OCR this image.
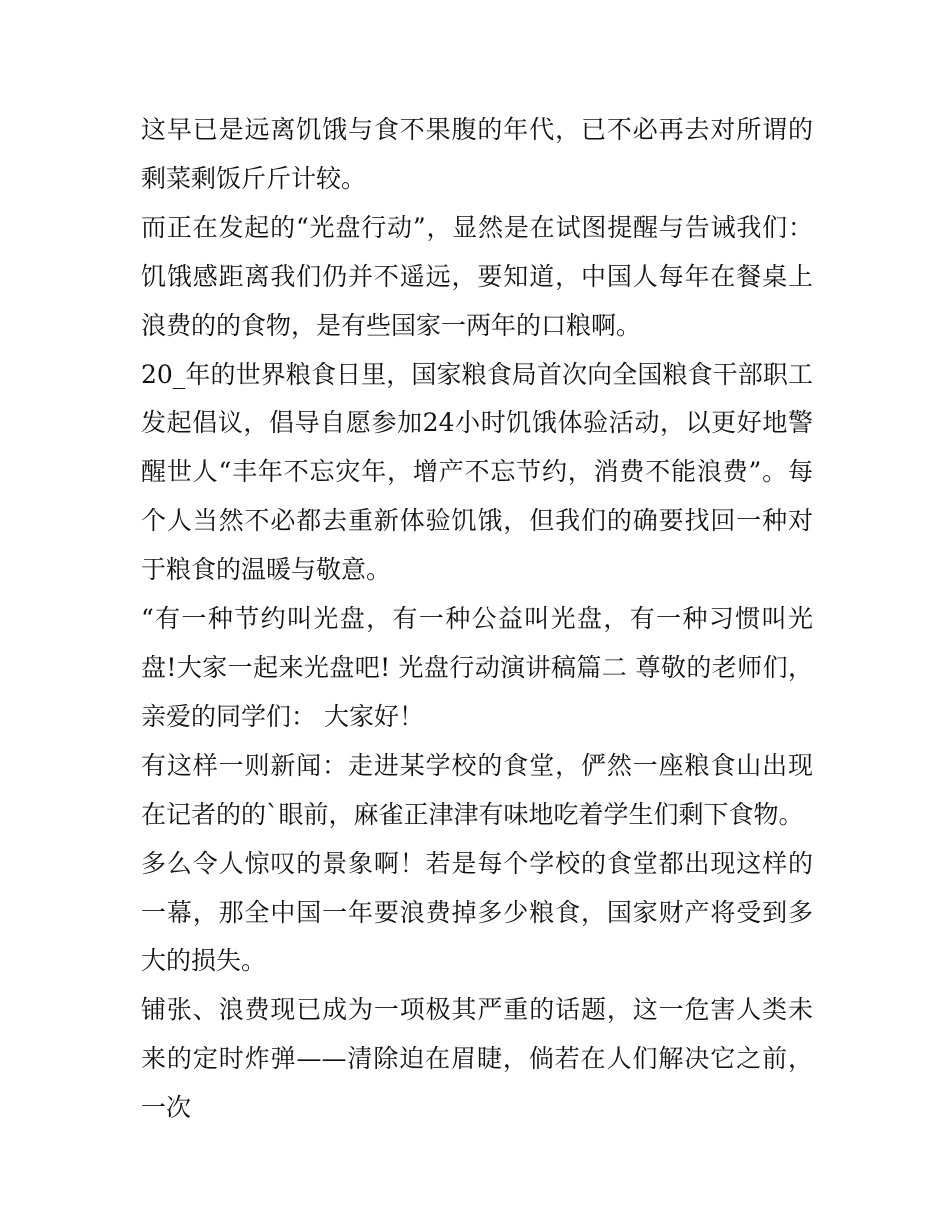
这早已是远离饥饿与食不果腹的年代，已不必再去对所谓的剩菜剩饭斤斤计较。

而正在发起的“光盘行动”，显然是在试图提醒与告诫我们：饥饿感距离我们仍并不遥远，要知道，中国人每年在餐桌上浪费的的食物，是有些国家一两年的口粮啊。

20_年的世界粮食日里，国家粮食局首次向全国粮食干部职工发起倡议，倡导自愿参加24小时饥饿体验活动，以更好地警醒世人“丰年不忘灾年，增产不忘节约，消费不能浪费”。每个人当然不必都去重新体验饥饿，但我们的确要找回一种对于粮食的温暖与敬意。

“有一种节约叫光盘，有一种公益叫光盘，有一种习惯叫光盘!大家一起来光盘吧! 光盘行动演讲稿篇二 尊敬的老师们，亲爱的同学们： 大家好！

有这样一则新闻：走进某学校的食堂，俨然一座粮食山出现在记者的的`眼前，麻雀正津津有味地吃着学生们剩下食物。

多么令人惊叹的景象啊！若是每个学校的食堂都出现这样的一幕，那全中国一年要浪费掉多少粮食，国家财产将受到多大的损失。

铺张、浪费现已成为一项极其严重的话题，这一危害人类未来的定时炸弹——清除迫在眉睫，倘若在人们解决它之前，一次
